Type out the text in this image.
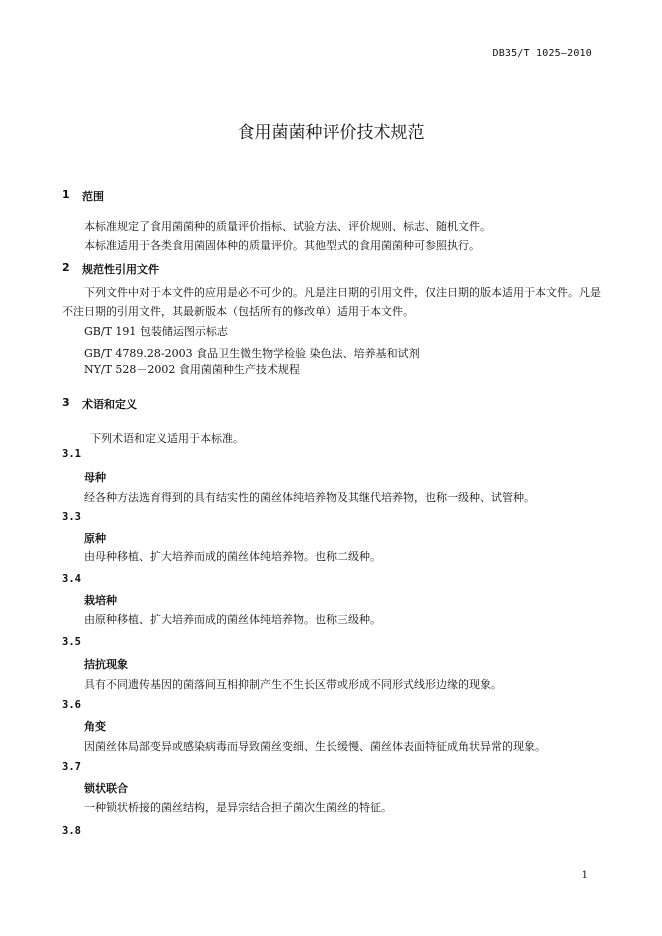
DB35/T 1025—2010
食用菌菌种评价技术规范
1 范围
本标准规定了食用菌菌种的质量评价指标、试验方法、评价规则、标志、随机文件。
本标准适用于各类食用菌固体种的质量评价。其他型式的食用菌菌种可参照执行。
2 规范性引用文件
下列文件中对于本文件的应用是必不可少的。凡是注日期的引用文件，仅注日期的版本适用于本文件。凡是不注日期的引用文件，其最新版本（包括所有的修改单）适用于本文件。
GB/T 191 包装储运图示标志
GB/T 4789.28-2003 食品卫生微生物学检验 染色法、培养基和试剂
NY/T 528－2002 食用菌菌种生产技术规程
3 术语和定义
下列术语和定义适用于本标准。
3.1
母种
经各种方法选育得到的具有结实性的菌丝体纯培养物及其继代培养物，也称一级种、试管种。
3.3
原种
由母种移植、扩大培养而成的菌丝体纯培养物。也称二级种。
3.4
栽培种
由原种移植、扩大培养而成的菌丝体纯培养物。也称三级种。
3.5
拮抗现象
具有不同遗传基因的菌落间互相抑制产生不生长区带或形成不同形式线形边缘的现象。
3.6
角变
因菌丝体局部变异或感染病毒而导致菌丝变细、生长缓慢、菌丝体表面特征成角状异常的现象。
3.7
锁状联合
一种锁状桥接的菌丝结构，是异宗结合担子菌次生菌丝的特征。
3.8
1
